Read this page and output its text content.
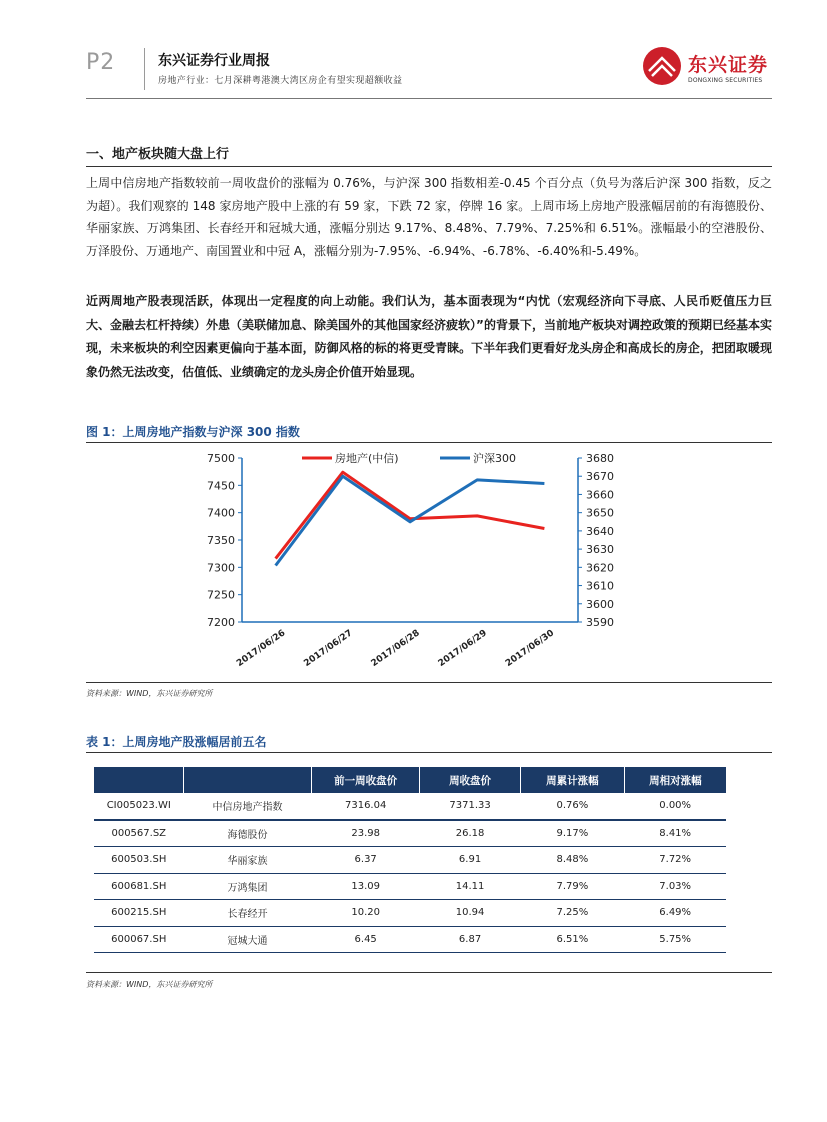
P2	东兴证券行业周报
房地产行业：七月深耕粤港澳大湾区房企有望实现超额收益
东兴证券
DONGXING SECURITIES
一、地产板块随大盘上行
上周中信房地产指数较前一周收盘价的涨幅为 0.76%，与沪深 300 指数相差-0.45 个百分点（负号为落后沪深 300 指数，反之为超）。我们观察的 148 家房地产股中上涨的有 59 家，下跌 72 家，停牌 16 家。上周市场上房地产股涨幅居前的有海德股份、华丽家族、万鸿集团、长春经开和冠城大通，涨幅分别达 9.17%、8.48%、7.79%、7.25%和 6.51%。涨幅最小的空港股份、万泽股份、万通地产、南国置业和中冠 A，涨幅分别为-7.95%、-6.94%、-6.78%、-6.40%和-5.49%。
近两周地产股表现活跃，体现出一定程度的向上动能。我们认为，基本面表现为“内忧（宏观经济向下寻底、人民币贬值压力巨大、金融去杠杆持续）外患（美联储加息、除美国外的其他国家经济疲软）”的背景下，当前地产板块对调控政策的预期已经基本实现，未来板块的利空因素更偏向于基本面，防御风格的标的将更受青睐。下半年我们更看好龙头房企和高成长的房企，把团取暖现象仍然无法改变，估值低、业绩确定的龙头房企价值开始显现。
图 1：上周房地产指数与沪深 300 指数
7200
7250
7300
7350
7400
7450
7500
3590
3600
3610
3620
3630
3640
3650
3660
3670
3680
2017/06/26 2017/06/27 2017/06/28 2017/06/29 2017/06/30
房地产(中信)	沪深300
资料来源：WIND，东兴证券研究所
表 1：上周房地产股涨幅居前五名
		前一周收盘价	周收盘价	周累计涨幅	周相对涨幅
CI005023.WI	中信房地产指数	7316.04	7371.33	0.76%	0.00%
000567.SZ	海德股份	23.98	26.18	9.17%	8.41%
600503.SH	华丽家族	6.37	6.91	8.48%	7.72%
600681.SH	万鸿集团	13.09	14.11	7.79%	7.03%
600215.SH	长春经开	10.20	10.94	7.25%	6.49%
600067.SH	冠城大通	6.45	6.87	6.51%	5.75%
资料来源：WIND，东兴证券研究所
